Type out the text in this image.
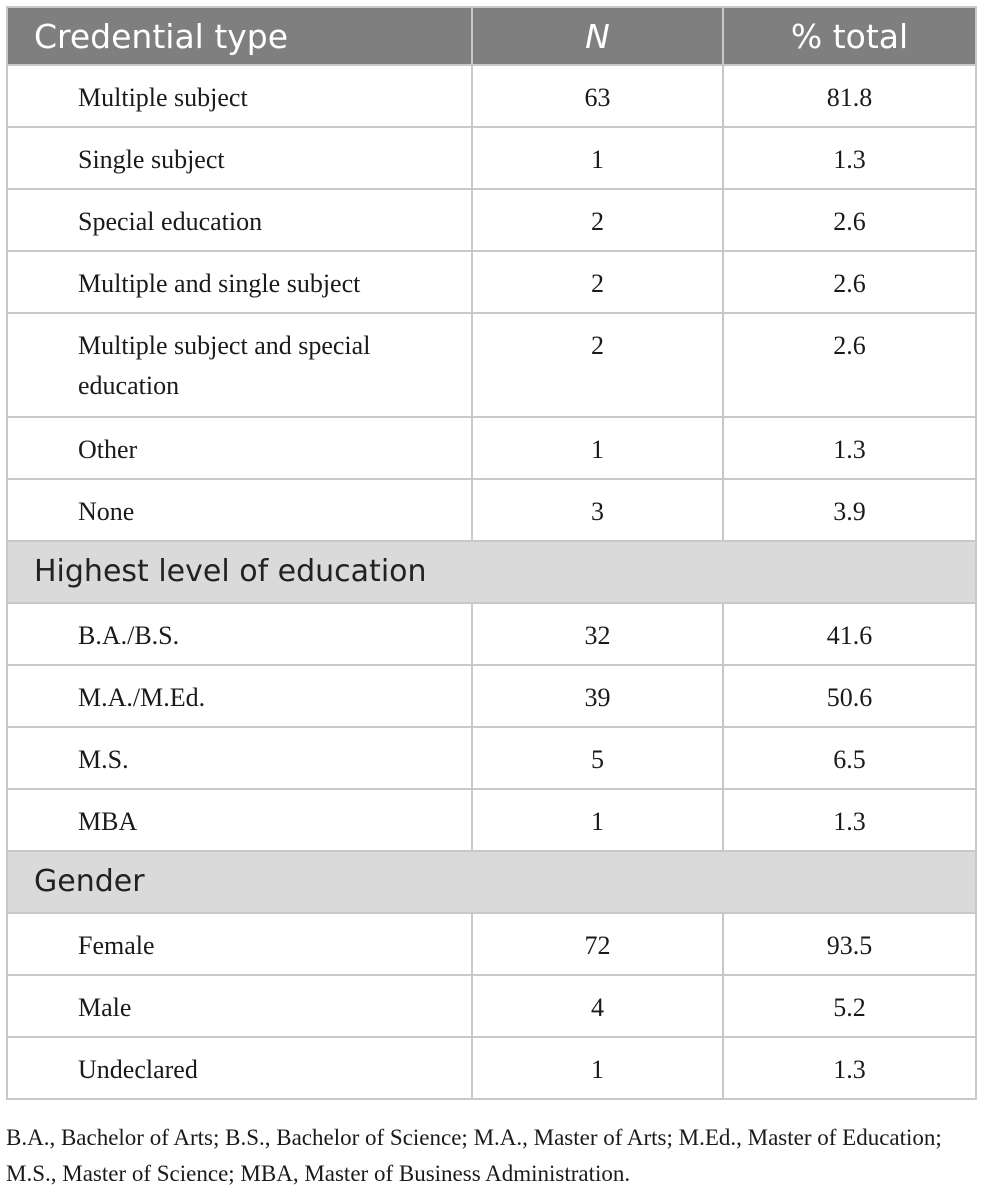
Credential type	N	% total
Multiple subject	63	81.8
Single subject	1	1.3
Special education	2	2.6
Multiple and single subject	2	2.6
Multiple subject and special education	2	2.6
Other	1	1.3
None	3	3.9
Highest level of education		
B.A./B.S.	32	41.6
M.A./M.Ed.	39	50.6
M.S.	5	6.5
MBA	1	1.3
Gender		
Female	72	93.5
Male	4	5.2
Undeclared	1	1.3
B.A., Bachelor of Arts; B.S., Bachelor of Science; M.A., Master of Arts; M.Ed., Master of Education; M.S., Master of Science; MBA, Master of Business Administration.
